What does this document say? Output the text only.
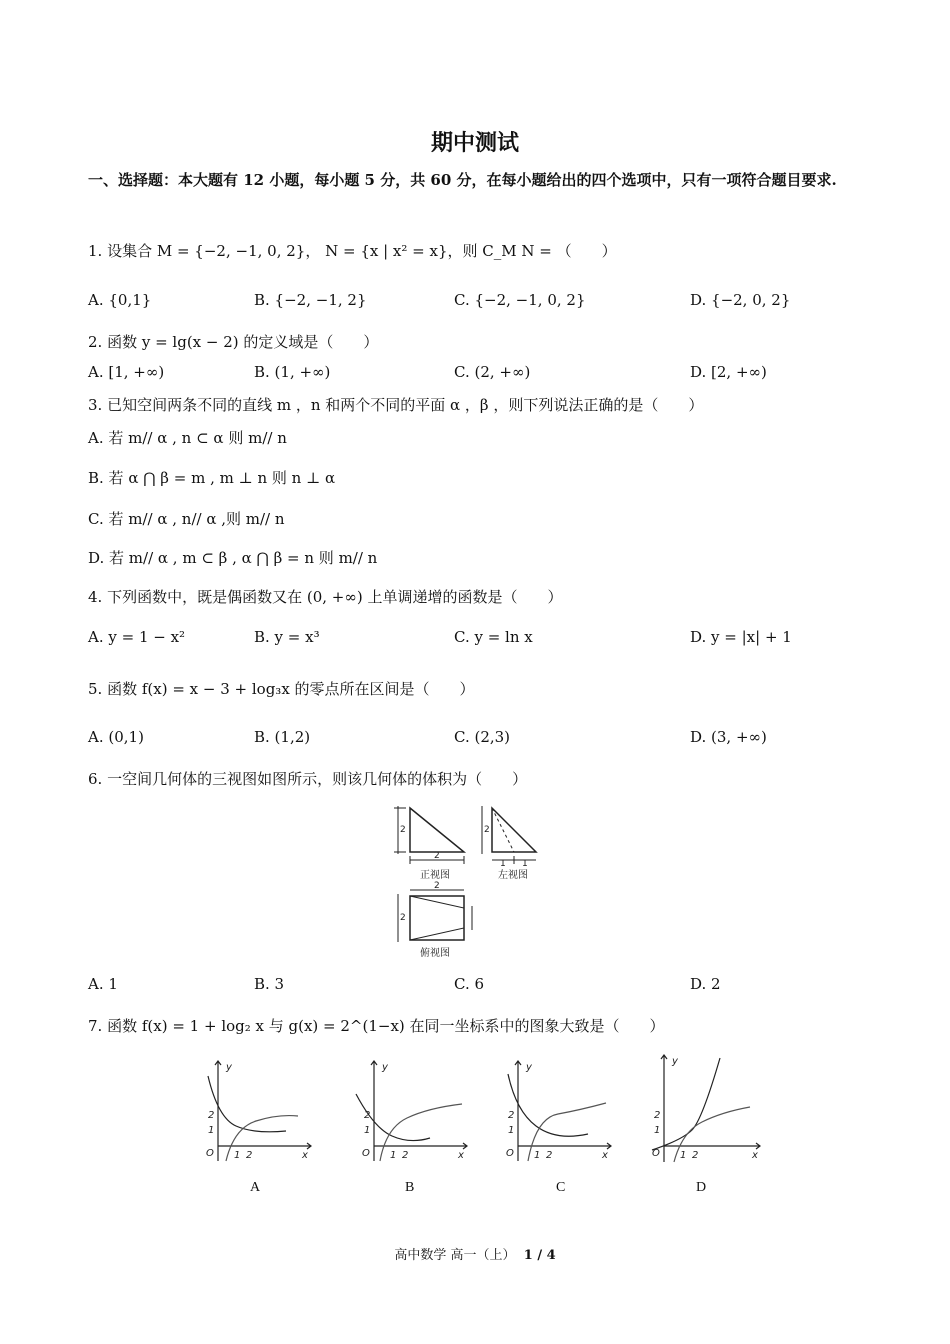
期中测试
一、选择题：本大题有 12 小题，每小题 5 分，共 60 分，在每小题给出的四个选项中，只有一项符合题目要求.
1. 设集合 M = {−2, −1, 0, 2}， N = {x | x² = x}，则 C_M N = （　　）
A. {0,1}	B. {−2, −1, 2}	C. {−2, −1, 0, 2}	D. {−2, 0, 2}
2. 函数 y = lg(x − 2) 的定义域是（　　）
A. [1, +∞)	B. (1, +∞)	C. (2, +∞)	D. [2, +∞)
3. 已知空间两条不同的直线 m ，n 和两个不同的平面 α ，β ，则下列说法正确的是（　　）
A. 若 m// α , n ⊂ α 则 m// n
B. 若 α ⋂ β = m , m ⊥ n 则 n ⊥ α
C. 若 m// α , n// α ,则 m// n
D. 若 m// α , m ⊂ β , α ⋂ β = n 则 m// n
4. 下列函数中，既是偶函数又在 (0, +∞) 上单调递增的函数是（　　）
A. y = 1 − x²	B. y = x³	C. y = ln x	D. y = |x| + 1
5. 函数 f(x) = x − 3 + log₃x 的零点所在区间是（　　）
A. (0,1)	B. (1,2)	C. (2,3)	D. (3, +∞)
6. 一空间几何体的三视图如图所示，则该几何体的体积为（　　）
2
2
2
1 1
2
2
正视图	左视图
俯视图
A. 1	B. 3	C. 6	D. 2
7. 函数 f(x) = 1 + log₂ x 与 g(x) = 2^(1−x) 在同一坐标系中的图象大致是（　　）
y
x
O
1
2
1 2
A
y
x
O
1
2
1 2
B
y
x
O
1
2
1 2
C
y
x
O
1
2
1 2
D
高中数学 高一（上） 1 / 4
